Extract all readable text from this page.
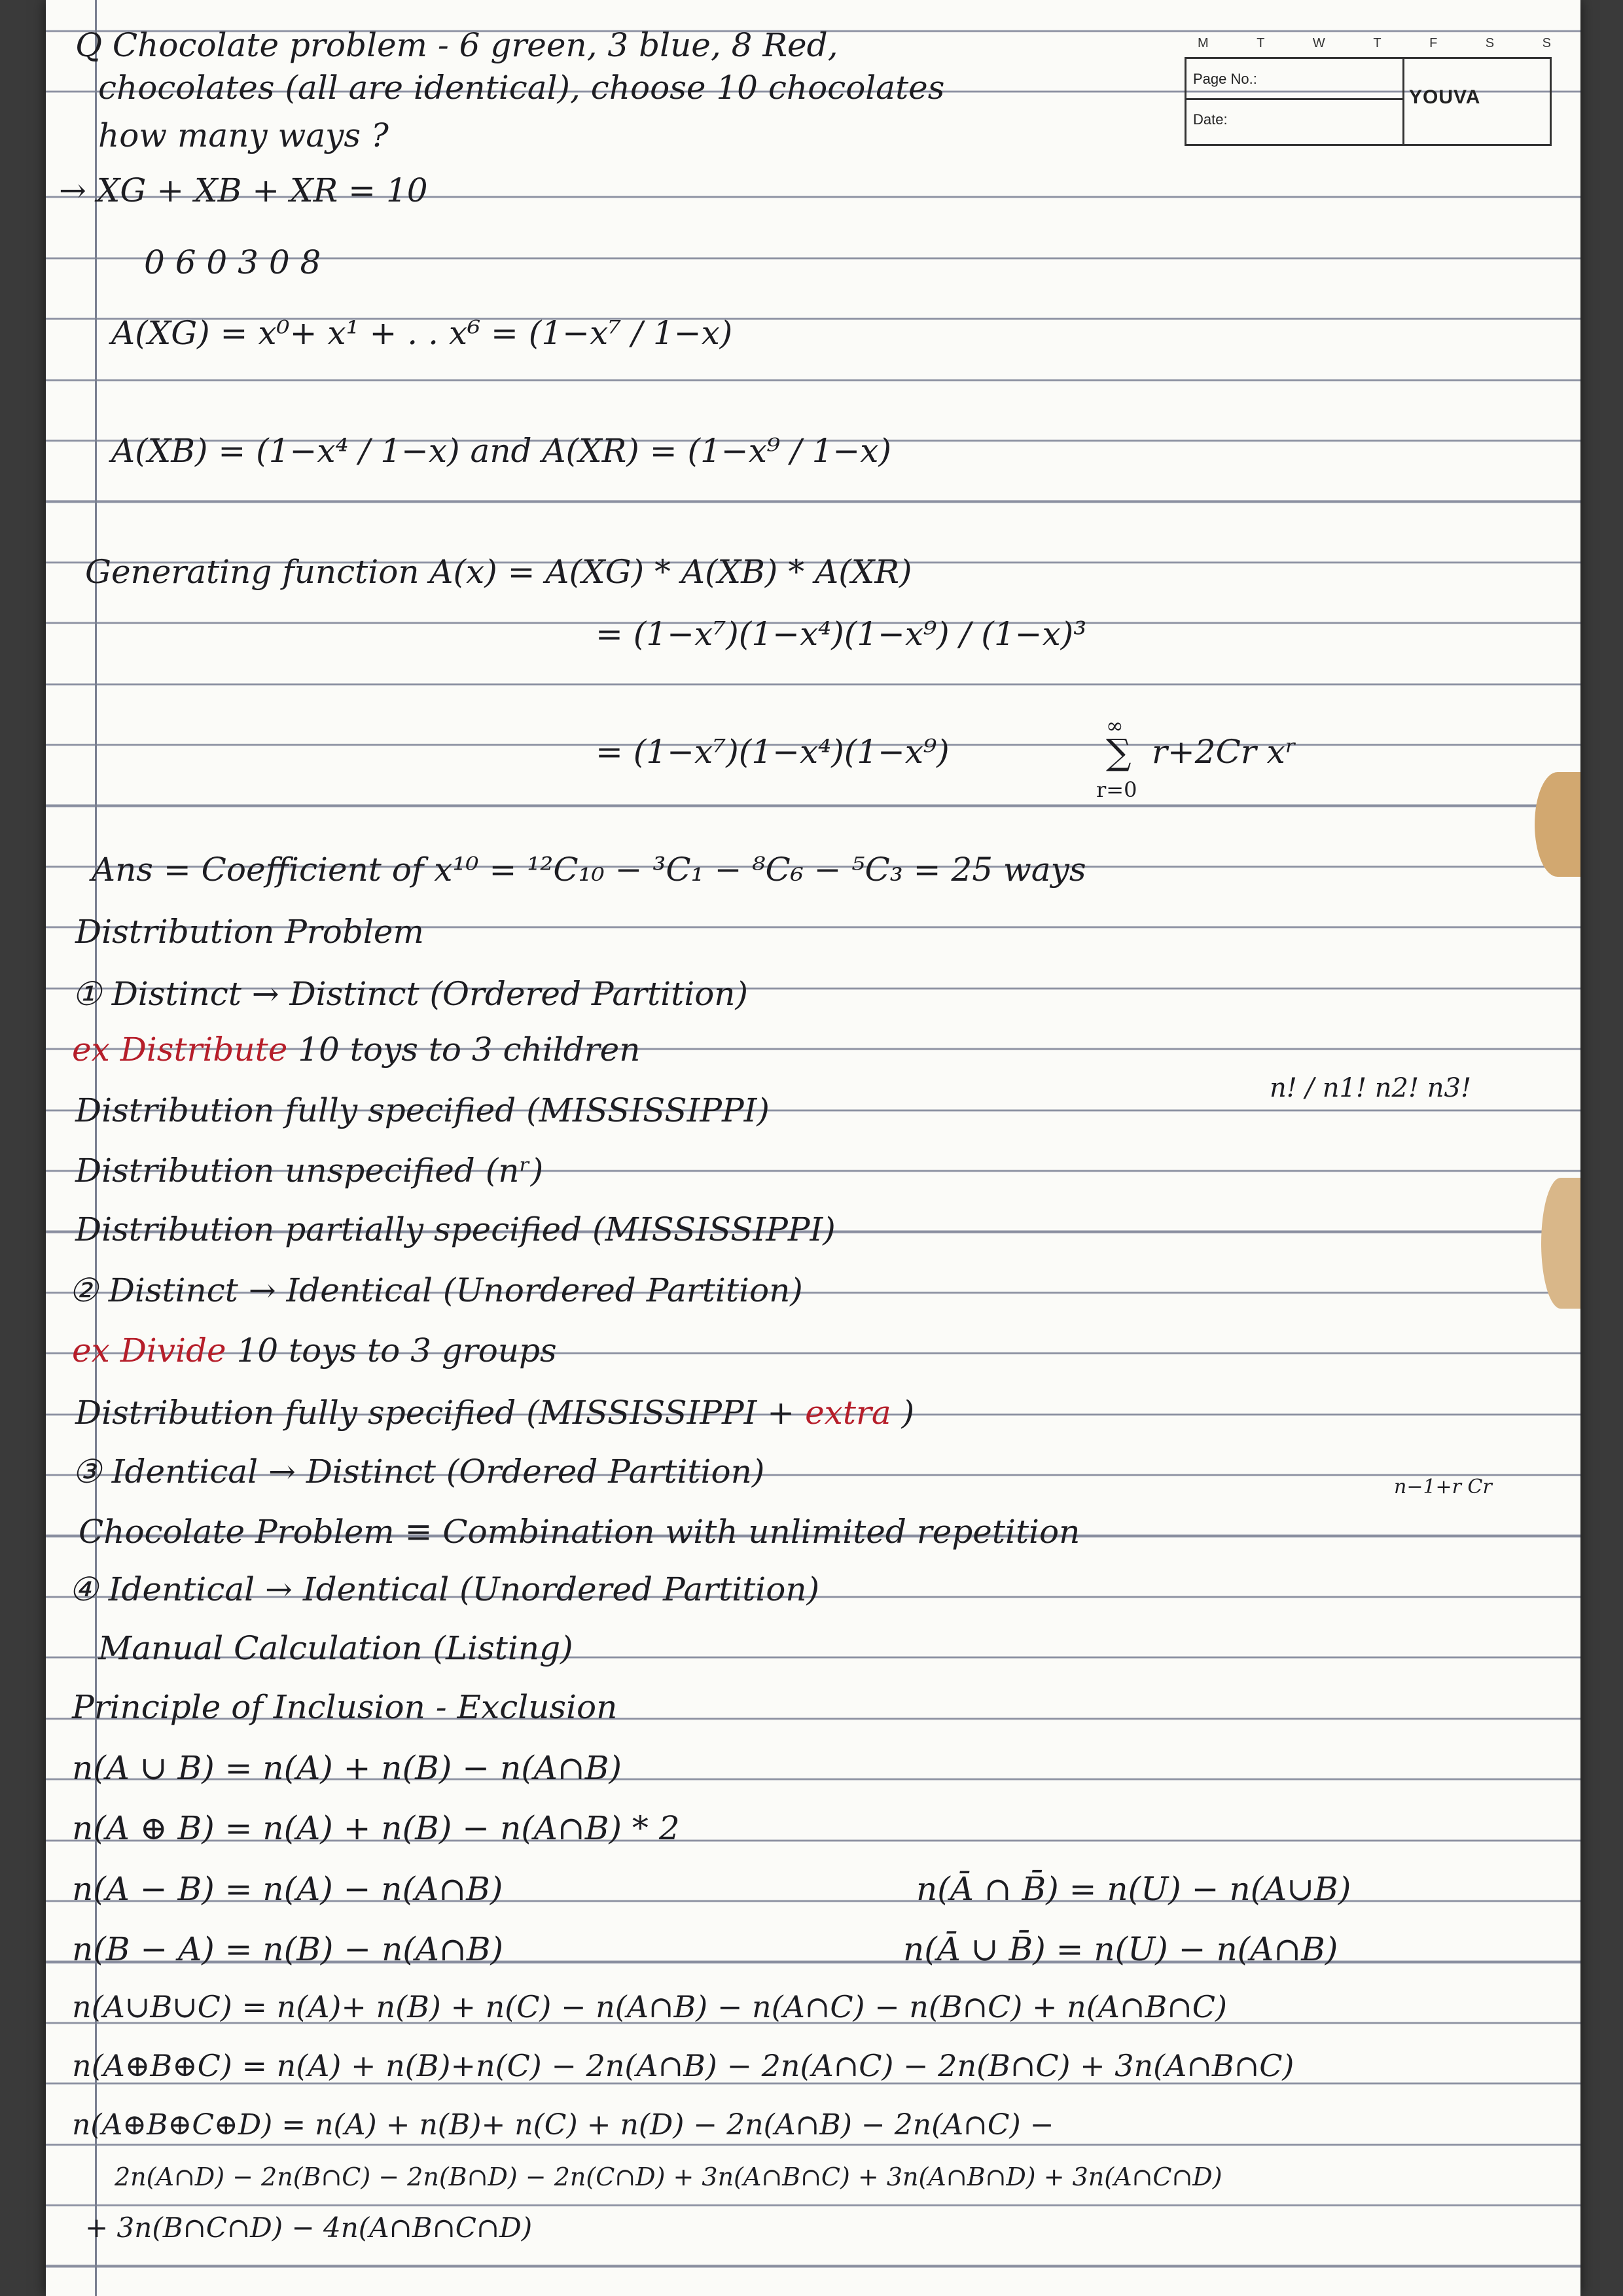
M	T	W	T	F	S	S
Page No.:
Date:
YOUVA
Q Chocolate problem - 6 green, 3 blue, 8 Red,
chocolates (all are identical), choose 10 chocolates
how many ways ?
→ XG + XB + XR = 10
0 6 0 3 0 8
A(XG) = x⁰+ x¹ + . . x⁶ = (1−x⁷ / 1−x)
A(XB) = (1−x⁴ / 1−x) and A(XR) = (1−x⁹ / 1−x)
Generating function A(x) = A(XG) * A(XB) * A(XR)
= (1−x⁷)(1−x⁴)(1−x⁹) / (1−x)³
= (1−x⁷)(1−x⁴)(1−x⁹)
∞
∑
r=0
r+2Cr xʳ
Ans = Coefficient of x¹⁰ = ¹²C₁₀ − ³C₁ − ⁸C₆ − ⁵C₃ = 25 ways
Distribution Problem
① Distinct → Distinct (Ordered Partition)
ex Distribute 10 toys to 3 children
Distribution fully specified (MISSISSIPPI)
n! / n1! n2! n3!
Distribution unspecified (nʳ)
Distribution partially specified (MISSISSIPPI)
② Distinct → Identical (Unordered Partition)
ex Divide 10 toys to 3 groups
Distribution fully specified (MISSISSIPPI + extra )
③ Identical → Distinct (Ordered Partition)
Chocolate Problem ≡ Combination with unlimited repetition
n−1+r Cr
④ Identical → Identical (Unordered Partition)
Manual Calculation (Listing)
Principle of Inclusion - Exclusion
n(A ∪ B) = n(A) + n(B) − n(A∩B)
n(A ⊕ B) = n(A) + n(B) − n(A∩B) * 2
n(A − B) = n(A) − n(A∩B)	n(Ā ∩ B̄) = n(U) − n(A∪B)
n(B − A) = n(B) − n(A∩B)	n(Ā ∪ B̄) = n(U) − n(A∩B)
n(A∪B∪C) = n(A)+ n(B) + n(C) − n(A∩B) − n(A∩C) − n(B∩C) + n(A∩B∩C)
n(A⊕B⊕C) = n(A) + n(B)+n(C) − 2n(A∩B) − 2n(A∩C) − 2n(B∩C) + 3n(A∩B∩C)
n(A⊕B⊕C⊕D) = n(A) + n(B)+ n(C) + n(D) − 2n(A∩B) − 2n(A∩C) −
2n(A∩D) − 2n(B∩C) − 2n(B∩D) − 2n(C∩D) + 3n(A∩B∩C) + 3n(A∩B∩D) + 3n(A∩C∩D)
+ 3n(B∩C∩D) − 4n(A∩B∩C∩D)
